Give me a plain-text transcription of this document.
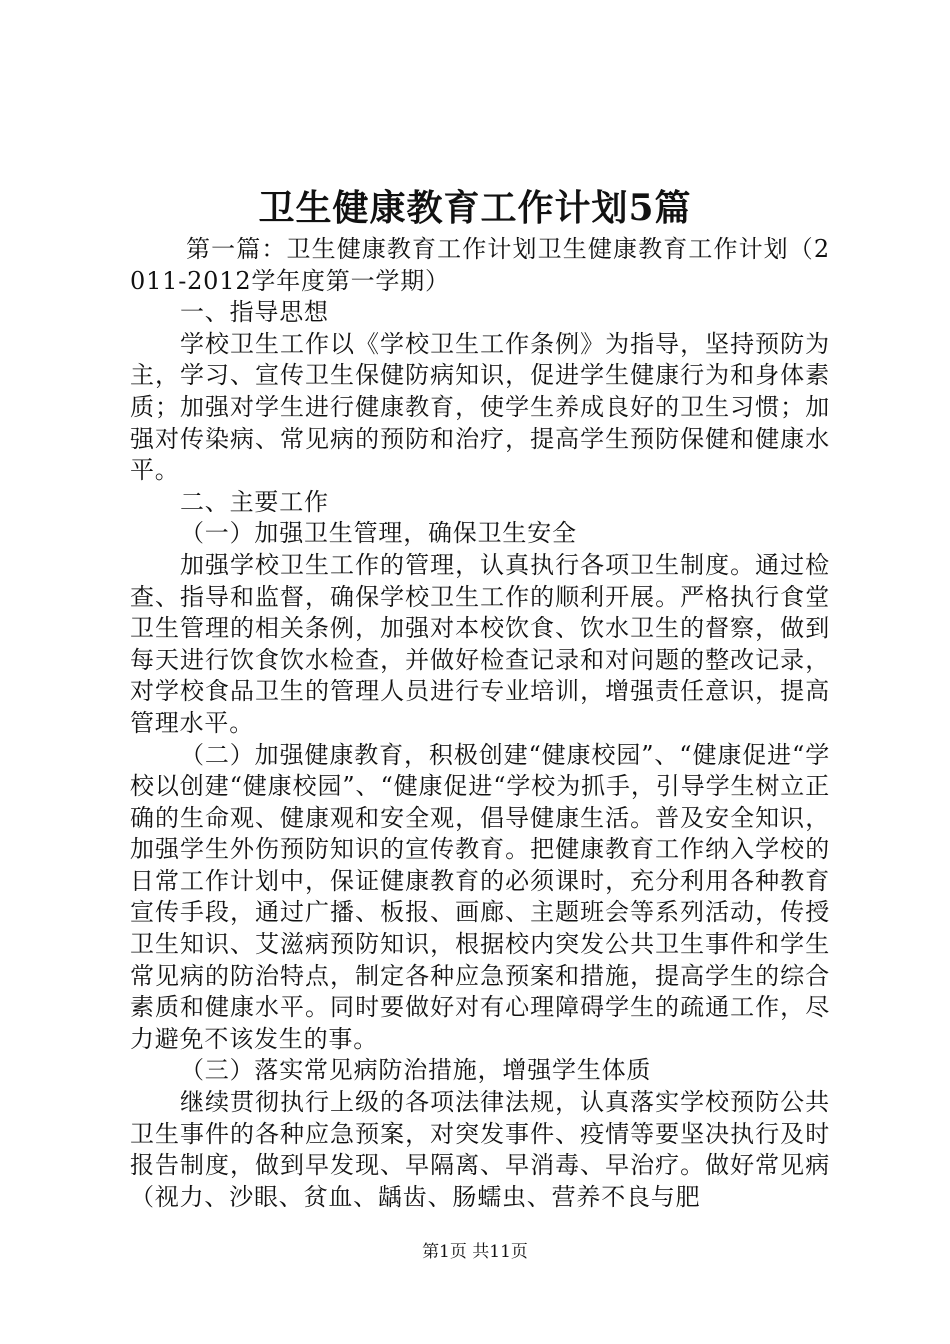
卫生健康教育工作计划5篇

第一篇：卫生健康教育工作计划卫生健康教育工作计划（2011-2012学年度第一学期）

一、指导思想

学校卫生工作以《学校卫生工作条例》为指导，坚持预防为主，学习、宣传卫生保健防病知识，促进学生健康行为和身体素质；加强对学生进行健康教育，使学生养成良好的卫生习惯；加强对传染病、常见病的预防和治疗，提高学生预防保健和健康水平。

二、主要工作

（一）加强卫生管理，确保卫生安全

加强学校卫生工作的管理，认真执行各项卫生制度。通过检查、指导和监督，确保学校卫生工作的顺利开展。严格执行食堂卫生管理的相关条例，加强对本校饮食、饮水卫生的督察，做到每天进行饮食饮水检查，并做好检查记录和对问题的整改记录，对学校食品卫生的管理人员进行专业培训，增强责任意识，提高管理水平。

（二）加强健康教育，积极创建“健康校园”、“健康促进“学校以创建“健康校园”、“健康促进“学校为抓手，引导学生树立正确的生命观、健康观和安全观，倡导健康生活。普及安全知识，加强学生外伤预防知识的宣传教育。把健康教育工作纳入学校的日常工作计划中，保证健康教育的必须课时，充分利用各种教育宣传手段，通过广播、板报、画廊、主题班会等系列活动，传授卫生知识、艾滋病预防知识，根据校内突发公共卫生事件和学生常见病的防治特点，制定各种应急预案和措施，提高学生的综合素质和健康水平。同时要做好对有心理障碍学生的疏通工作，尽力避免不该发生的事。

（三）落实常见病防治措施，增强学生体质

继续贯彻执行上级的各项法律法规，认真落实学校预防公共卫生事件的各种应急预案，对突发事件、疫情等要坚决执行及时报告制度，做到早发现、早隔离、早消毒、早治疗。做好常见病（视力、沙眼、贫血、龋齿、肠蠕虫、营养不良与肥

第1页 共11页
